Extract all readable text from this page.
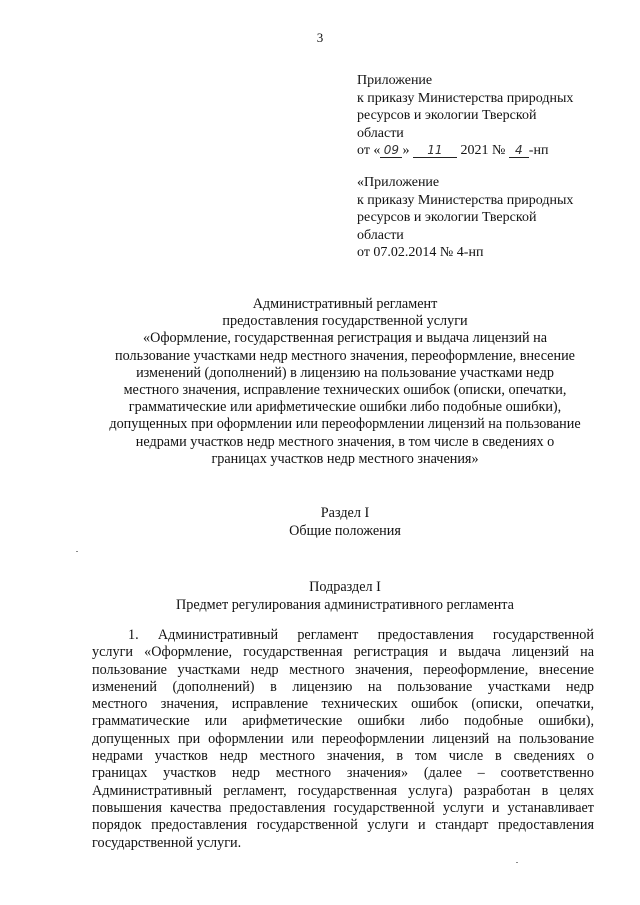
3
Приложение
к приказу Министерства природных
ресурсов и экологии Тверской
области
от « 09 » 11 2021 № 4 -нп
«Приложение
к приказу Министерства природных
ресурсов и экологии Тверской
области
от 07.02.2014 № 4-нп
Административный регламент
предоставления государственной услуги
«Оформление, государственная регистрация и выдача лицензий на
пользование участками недр местного значения, переоформление, внесение
изменений (дополнений) в лицензию на пользование участками недр
местного значения, исправление технических ошибок (описки, опечатки,
грамматические или арифметические ошибки либо подобные ошибки),
допущенных при оформлении или переоформлении лицензий на пользование
недрами участков недр местного значения, в том числе в сведениях о
границах участков недр местного значения»
Раздел I
Общие положения
Подраздел I
Предмет регулирования административного регламента
1. Административный регламент предоставления государственной
услуги «Оформление, государственная регистрация и выдача лицензий на
пользование участками недр местного значения, переоформление, внесение
изменений (дополнений) в лицензию на пользование участками недр
местного значения, исправление технических ошибок (описки, опечатки,
грамматические или арифметические ошибки либо подобные ошибки),
допущенных при оформлении или переоформлении лицензий на пользование
недрами участков недр местного значения, в том числе в сведениях о
границах участков недр местного значения» (далее – соответственно
Административный регламент, государственная услуга) разработан в целях
повышения качества предоставления государственной услуги и устанавливает
порядок предоставления государственной услуги и стандарт предоставления
государственной услуги.
